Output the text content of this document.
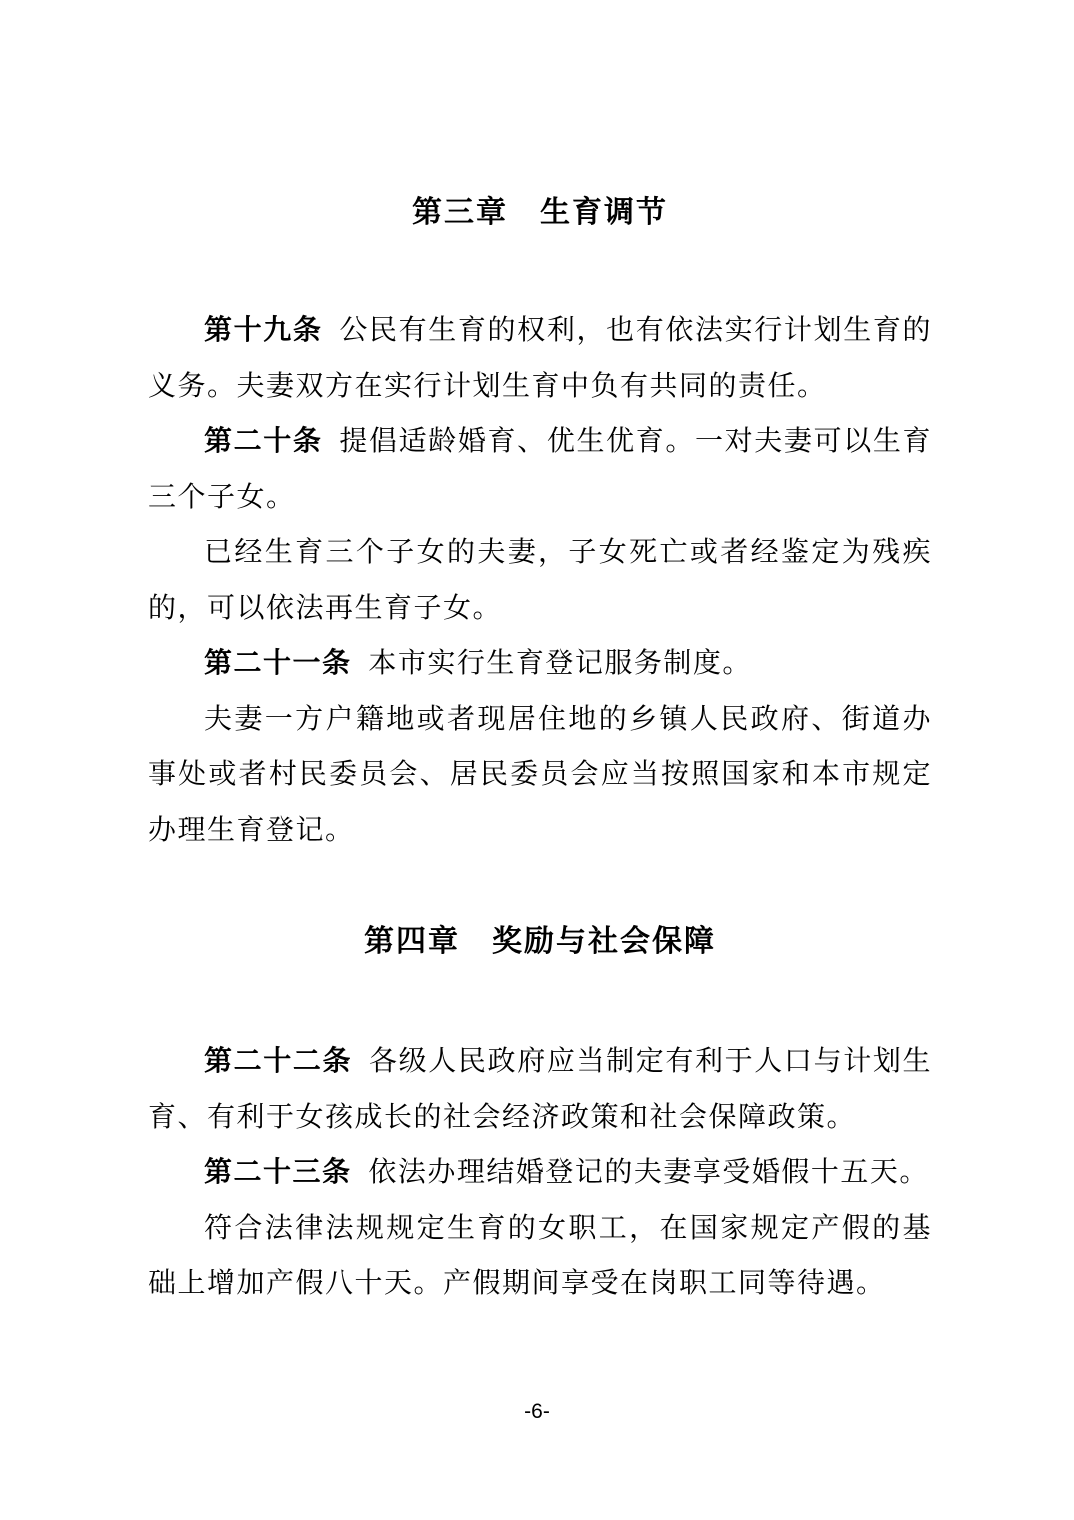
第三章　生育调节

第十九条 公民有生育的权利，也有依法实行计划生育的义务。夫妻双方在实行计划生育中负有共同的责任。

第二十条 提倡适龄婚育、优生优育。一对夫妻可以生育三个子女。

已经生育三个子女的夫妻，子女死亡或者经鉴定为残疾的，可以依法再生育子女。

第二十一条 本市实行生育登记服务制度。

夫妻一方户籍地或者现居住地的乡镇人民政府、街道办事处或者村民委员会、居民委员会应当按照国家和本市规定办理生育登记。

第四章　奖励与社会保障

第二十二条 各级人民政府应当制定有利于人口与计划生育、有利于女孩成长的社会经济政策和社会保障政策。

第二十三条 依法办理结婚登记的夫妻享受婚假十五天。

符合法律法规规定生育的女职工，在国家规定产假的基础上增加产假八十天。产假期间享受在岗职工同等待遇。

-6-
